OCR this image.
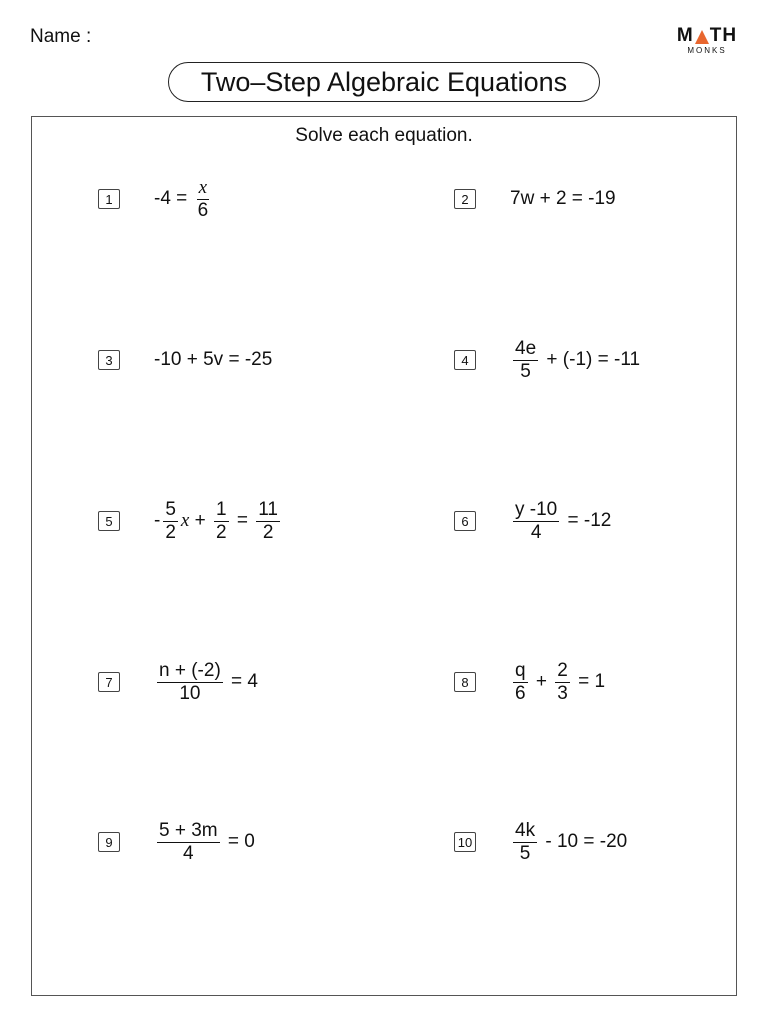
Name :	M TH
MONKS
Two–Step Algebraic Equations
Solve each equation.
1	$-4 = \frac{x}{6}$	2	7w + 2 = -19
3	-10 + 5v = -25	4	$\frac{4e}{5} + (-1) = -11$
5	- $\frac{5}{2}$ $x + \frac{1}{2} = \frac{11}{2}$	6	$\frac{y -10}{4} = -12$
7	$\frac{n + (-2)}{10} = 4$	8	$\frac{q}{6} + \frac{2}{3} = 1$
9	$\frac{5 + 3m}{4} = 0$	$10 \frac{4k}{5} - 10 = -20$
